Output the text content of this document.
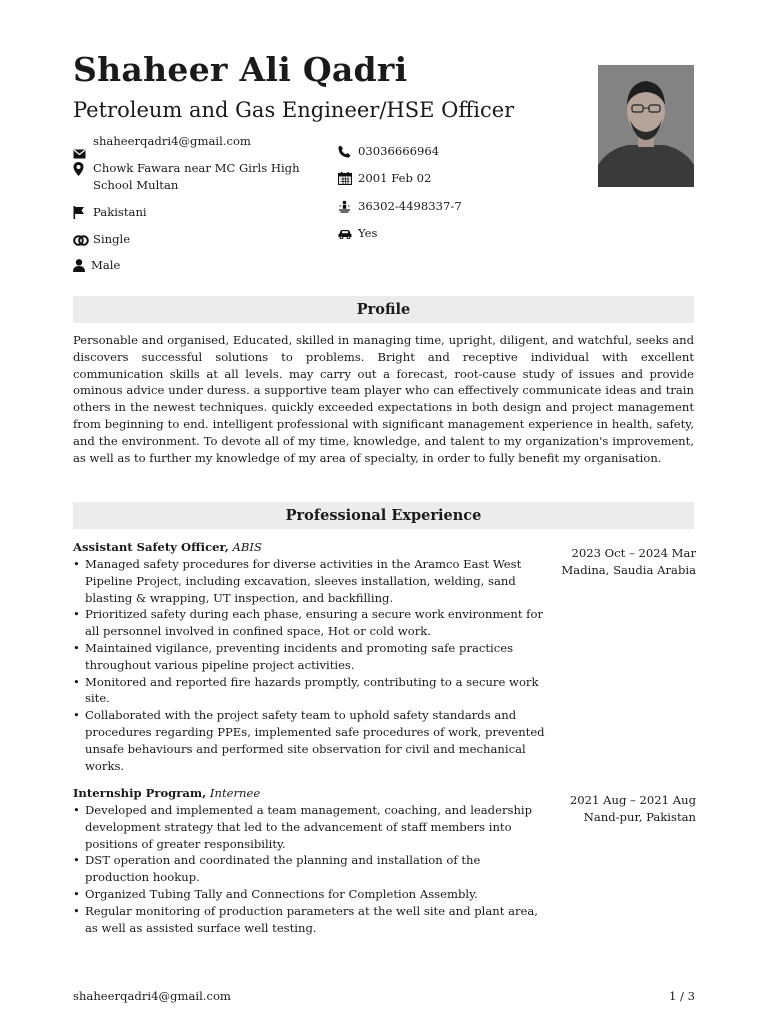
Shaheer Ali Qadri
Petroleum and Gas Engineer/HSE Officer
shaheerqadri4@gmail.com
Chowk Fawara near MC Girls High School Multan
Pakistani
Single
Male
03036666964
2001 Feb 02
36302-4498337-7
Yes
Profile
Personable and organised, Educated, skilled in managing time, upright, diligent, and watchful, seeks and discovers successful solutions to problems. Bright and receptive individual with excellent communication skills at all levels. may carry out a forecast, root-cause study of issues and provide ominous advice under duress. a supportive team player who can effectively communicate ideas and train others in the newest techniques. quickly exceeded expectations in both design and project management from beginning to end. intelligent professional with significant management experience in health, safety, and the environment. To devote all of my time, knowledge, and talent to my organization's improvement, as well as to further my knowledge of my area of specialty, in order to fully benefit my organisation.
Professional Experience
Assistant Safety Officer, ABIS	2023 Oct – 2024 Mar
Madina, Saudia Arabia
• Managed safety procedures for diverse activities in the Aramco East West Pipeline Project, including excavation, sleeves installation, welding, sand blasting & wrapping, UT inspection, and backfilling.
• Prioritized safety during each phase, ensuring a secure work environment for all personnel involved in confined space, Hot or cold work.
• Maintained vigilance, preventing incidents and promoting safe practices throughout various pipeline project activities.
• Monitored and reported fire hazards promptly, contributing to a secure work site.
• Collaborated with the project safety team to uphold safety standards and procedures regarding PPEs, implemented safe procedures of work, prevented unsafe behaviours and performed site observation for civil and mechanical works.
Internship Program, Internee	2021 Aug – 2021 Aug
Nand-pur, Pakistan
• Developed and implemented a team management, coaching, and leadership development strategy that led to the advancement of staff members into positions of greater responsibility.
• DST operation and coordinated the planning and installation of the production hookup.
• Organized Tubing Tally and Connections for Completion Assembly.
• Regular monitoring of production parameters at the well site and plant area, as well as assisted surface well testing.
shaheerqadri4@gmail.com	1 / 3
